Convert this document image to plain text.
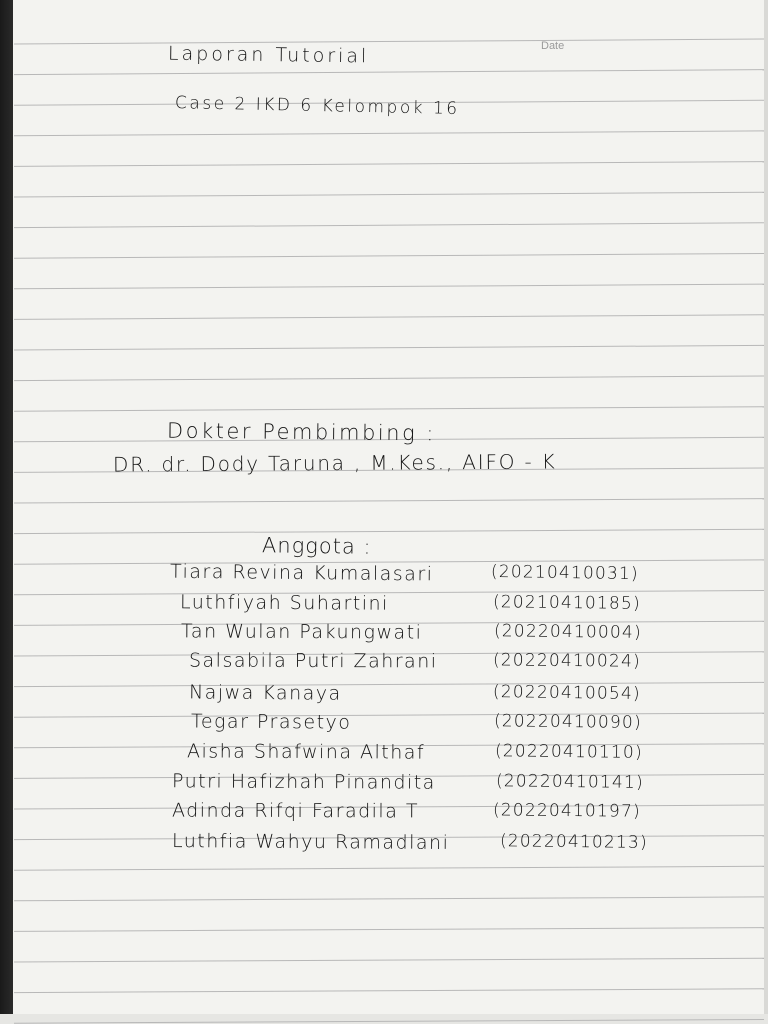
Date
Laporan Tutorial
Case 2 IKD 6 Kelompok 16
Dokter Pembimbing :
DR. dr. Dody Taruna , M.Kes., AIFO - K
Anggota :
Tiara Revina Kumalasari	(20210410031)
Luthfiyah Suhartini	(20210410185)
Tan Wulan Pakungwati	(20220410004)
Salsabila Putri Zahrani	(20220410024)
Najwa Kanaya	(20220410054)
Tegar Prasetyo	(20220410090)
Aisha Shafwina Althaf	(20220410110)
Putri Hafizhah Pinandita	(20220410141)
Adinda Rifqi Faradila T	(20220410197)
Luthfia Wahyu Ramadlani	(20220410213)
